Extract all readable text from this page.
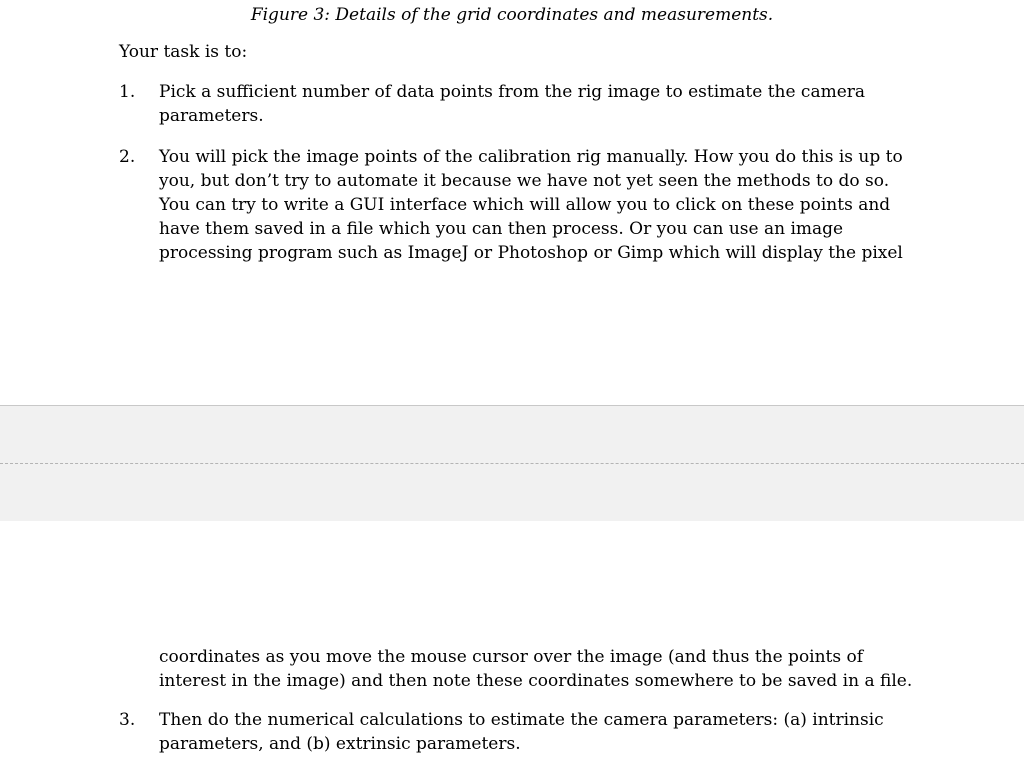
Figure 3: Details of the grid coordinates and measurements.
Your task is to:
1.	Pick a sufficient number of data points from the rig image to estimate the camera
parameters.
2.	You will pick the image points of the calibration rig manually. How you do this is up to
you, but don’t try to automate it because we have not yet seen the methods to do so.
You can try to write a GUI interface which will allow you to click on these points and
have them saved in a file which you can then process. Or you can use an image
processing program such as ImageJ or Photoshop or Gimp which will display the pixel
coordinates as you move the mouse cursor over the image (and thus the points of
interest in the image) and then note these coordinates somewhere to be saved in a file.
3.	Then do the numerical calculations to estimate the camera parameters: (a) intrinsic
parameters, and (b) extrinsic parameters.
